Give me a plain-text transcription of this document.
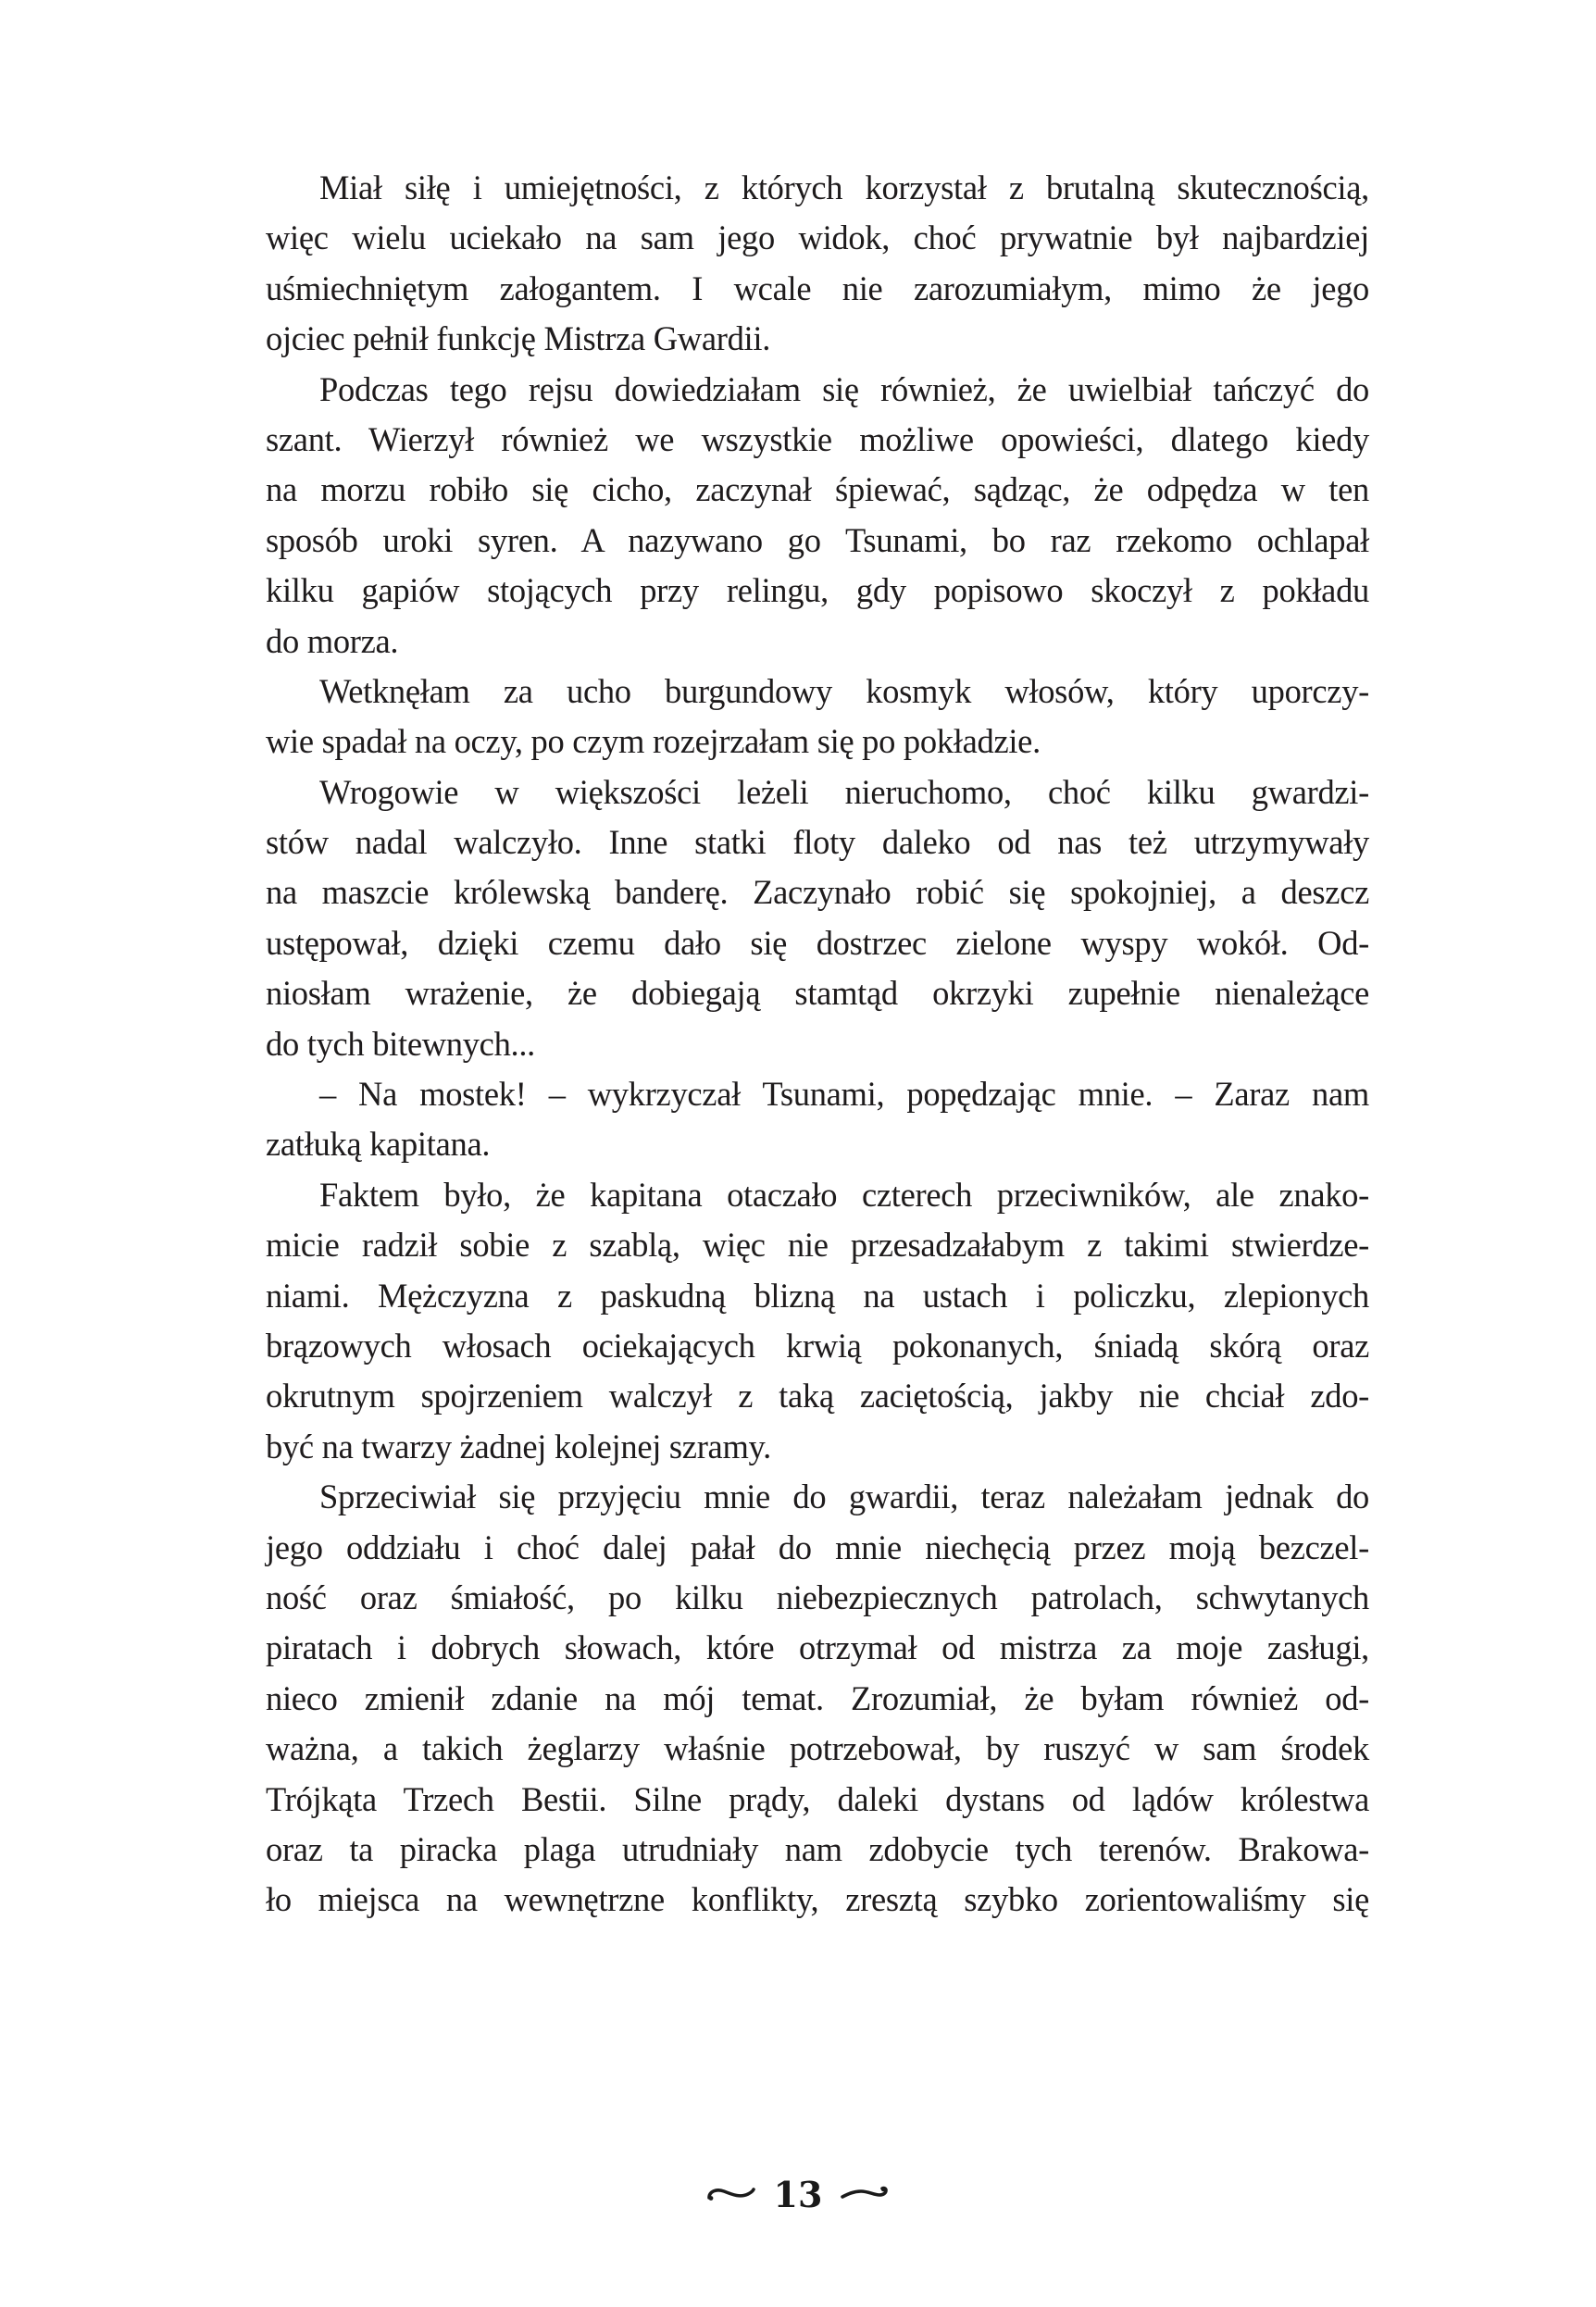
Miał siłę i umiejętności, z których korzystał z brutalną skutecznością,
więc wielu uciekało na sam jego widok, choć prywatnie był najbardziej
uśmiechniętym załogantem. I wcale nie zarozumiałym, mimo że jego
ojciec pełnił funkcję Mistrza Gwardii.
Podczas tego rejsu dowiedziałam się również, że uwielbiał tańczyć do
szant. Wierzył również we wszystkie możliwe opowieści, dlatego kiedy
na morzu robiło się cicho, zaczynał śpiewać, sądząc, że odpędza w ten
sposób uroki syren. A nazywano go Tsunami, bo raz rzekomo ochlapał
kilku gapiów stojących przy relingu, gdy popisowo skoczył z pokładu
do morza.
Wetknęłam za ucho burgundowy kosmyk włosów, który uporczy-
wie spadał na oczy, po czym rozejrzałam się po pokładzie.
Wrogowie w większości leżeli nieruchomo, choć kilku gwardzi-
stów nadal walczyło. Inne statki floty daleko od nas też utrzymywały
na maszcie królewską banderę. Zaczynało robić się spokojniej, a deszcz
ustępował, dzięki czemu dało się dostrzec zielone wyspy wokół. Od-
niosłam wrażenie, że dobiegają stamtąd okrzyki zupełnie nienależące
do tych bitewnych...
– Na mostek! – wykrzyczał Tsunami, popędzając mnie. – Zaraz nam
zatłuką kapitana.
Faktem było, że kapitana otaczało czterech przeciwników, ale znako-
micie radził sobie z szablą, więc nie przesadzałabym z takimi stwierdze-
niami. Mężczyzna z paskudną blizną na ustach i policzku, zlepionych
brązowych włosach ociekających krwią pokonanych, śniadą skórą oraz
okrutnym spojrzeniem walczył z taką zaciętością, jakby nie chciał zdo-
być na twarzy żadnej kolejnej szramy.
Sprzeciwiał się przyjęciu mnie do gwardii, teraz należałam jednak do
jego oddziału i choć dalej pałał do mnie niechęcią przez moją bezczel-
ność oraz śmiałość, po kilku niebezpiecznych patrolach, schwytanych
piratach i dobrych słowach, które otrzymał od mistrza za moje zasługi,
nieco zmienił zdanie na mój temat. Zrozumiał, że byłam również od-
ważna, a takich żeglarzy właśnie potrzebował, by ruszyć w sam środek
Trójkąta Trzech Bestii. Silne prądy, daleki dystans od lądów królestwa
oraz ta piracka plaga utrudniały nam zdobycie tych terenów. Brakowa-
ło miejsca na wewnętrzne konflikty, zresztą szybko zorientowaliśmy się
13
